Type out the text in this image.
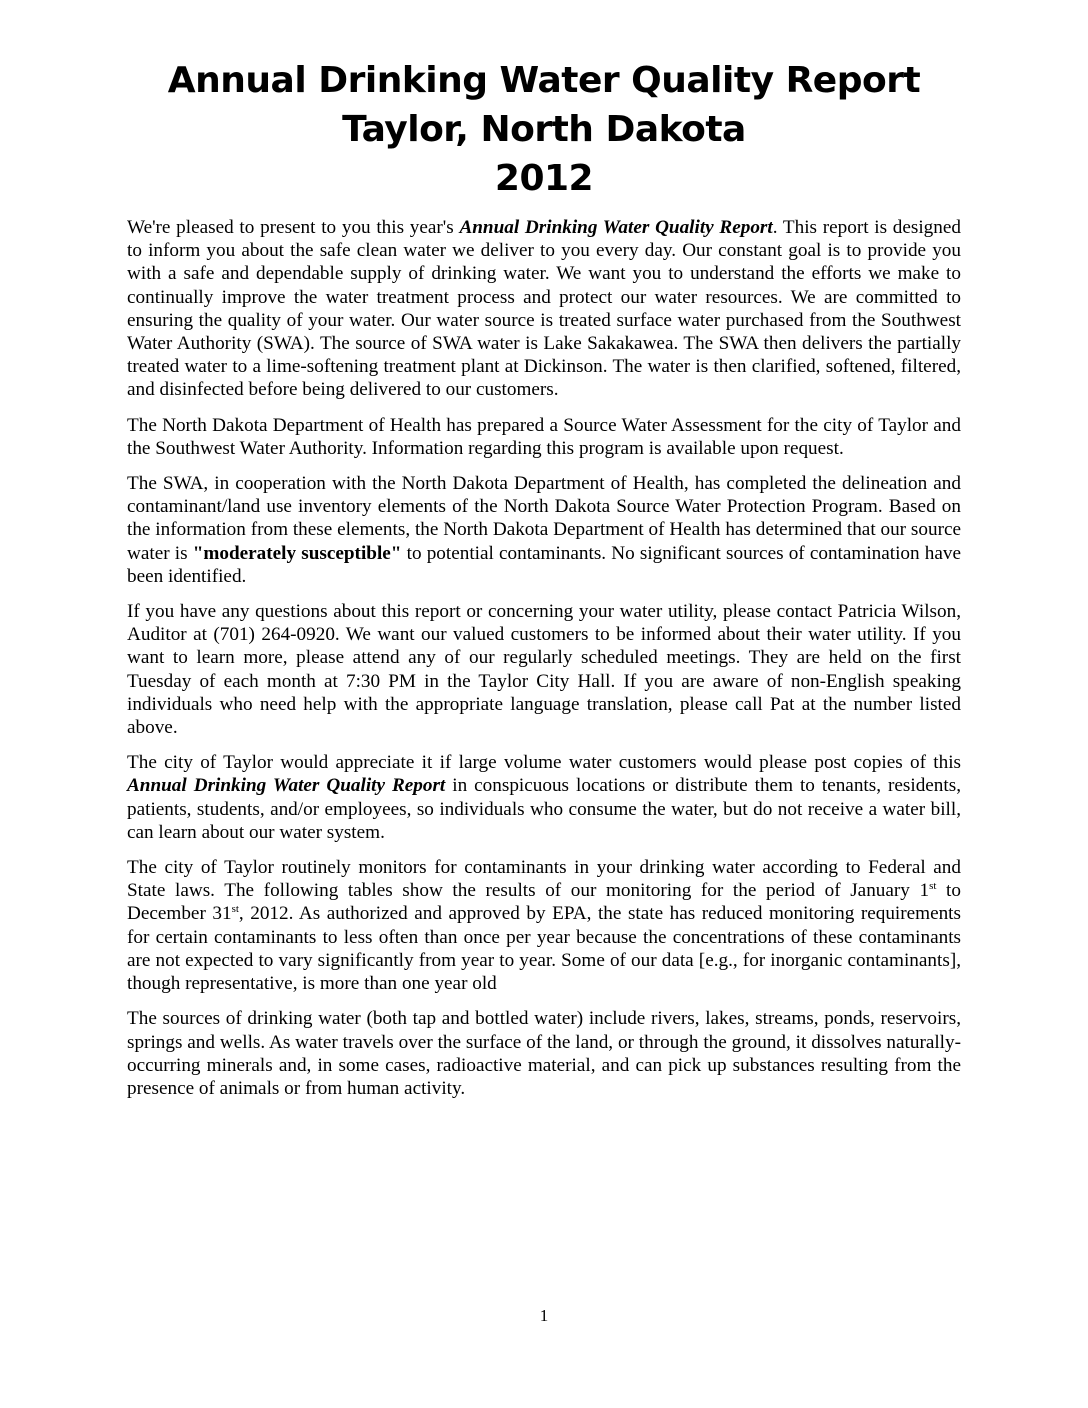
Annual Drinking Water Quality Report
Taylor, North Dakota
2012

We're pleased to present to you this year's Annual Drinking Water Quality Report. This report is designed to inform you about the safe clean water we deliver to you every day. Our constant goal is to provide you with a safe and dependable supply of drinking water. We want you to understand the efforts we make to continually improve the water treatment process and protect our water resources. We are committed to ensuring the quality of your water. Our water source is treated surface water purchased from the Southwest Water Authority (SWA). The source of SWA water is Lake Sakakawea. The SWA then delivers the partially treated water to a lime-softening treatment plant at Dickinson. The water is then clarified, softened, filtered, and disinfected before being delivered to our customers.

The North Dakota Department of Health has prepared a Source Water Assessment for the city of Taylor and the Southwest Water Authority. Information regarding this program is available upon request.

The SWA, in cooperation with the North Dakota Department of Health, has completed the delineation and contaminant/land use inventory elements of the North Dakota Source Water Protection Program. Based on the information from these elements, the North Dakota Department of Health has determined that our source water is "moderately susceptible" to potential contaminants. No significant sources of contamination have been identified.

If you have any questions about this report or concerning your water utility, please contact Patricia Wilson, Auditor at (701) 264-0920. We want our valued customers to be informed about their water utility. If you want to learn more, please attend any of our regularly scheduled meetings. They are held on the first Tuesday of each month at 7:30 PM in the Taylor City Hall. If you are aware of non-English speaking individuals who need help with the appropriate language translation, please call Pat at the number listed above.

The city of Taylor would appreciate it if large volume water customers would please post copies of this Annual Drinking Water Quality Report in conspicuous locations or distribute them to tenants, residents, patients, students, and/or employees, so individuals who consume the water, but do not receive a water bill, can learn about our water system.

The city of Taylor routinely monitors for contaminants in your drinking water according to Federal and State laws. The following tables show the results of our monitoring for the period of January 1st to December 31st, 2012. As authorized and approved by EPA, the state has reduced monitoring requirements for certain contaminants to less often than once per year because the concentrations of these contaminants are not expected to vary significantly from year to year. Some of our data [e.g., for inorganic contaminants], though representative, is more than one year old

The sources of drinking water (both tap and bottled water) include rivers, lakes, streams, ponds, reservoirs, springs and wells. As water travels over the surface of the land, or through the ground, it dissolves naturally-occurring minerals and, in some cases, radioactive material, and can pick up substances resulting from the presence of animals or from human activity.

1
